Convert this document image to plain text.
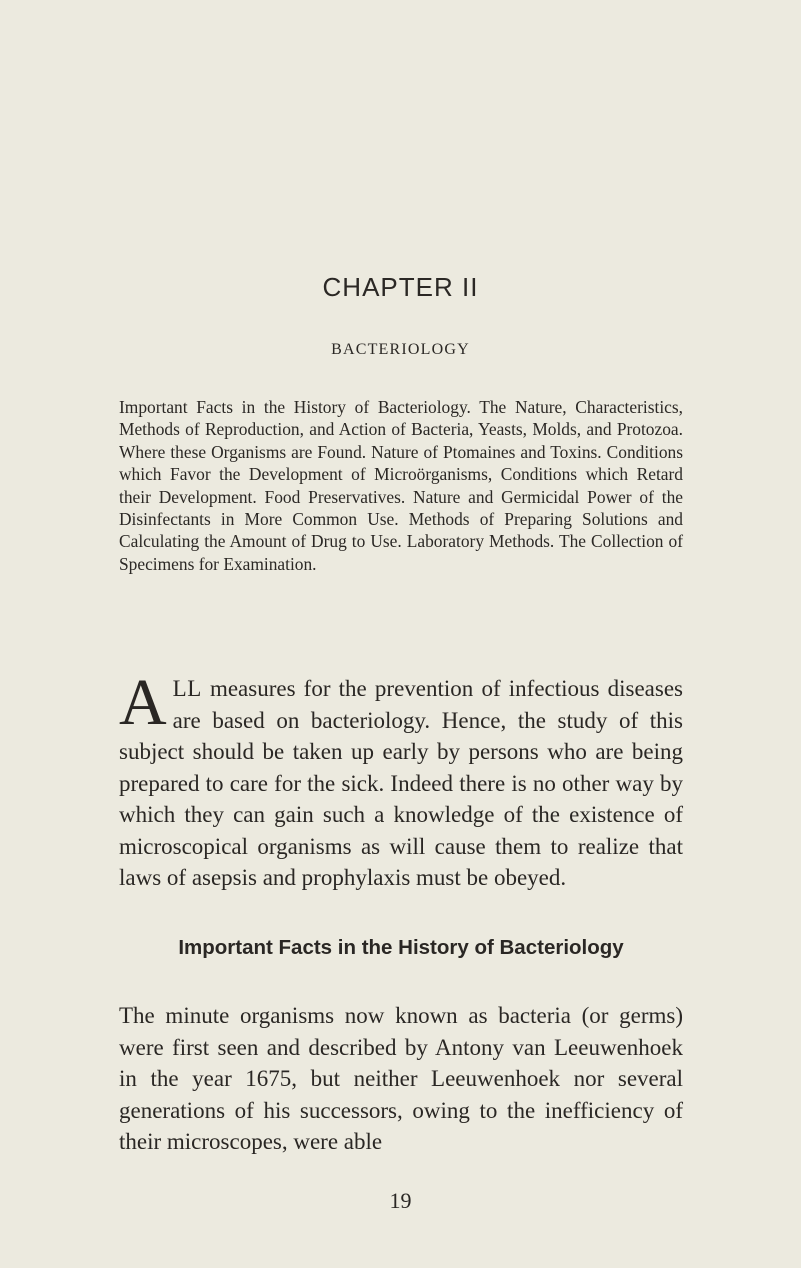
CHAPTER II
BACTERIOLOGY
Important Facts in the History of Bacteriology. The Nature, Characteristics, Methods of Reproduction, and Action of Bacteria, Yeasts, Molds, and Protozoa. Where these Organisms are Found. Nature of Ptomaines and Toxins. Conditions which Favor the Development of Microörganisms, Conditions which Retard their Development. Food Preservatives. Nature and Germicidal Power of the Disinfectants in More Common Use. Methods of Preparing Solutions and Calculating the Amount of Drug to Use. Laboratory Methods. The Collection of Specimens for Examination.
ALL measures for the prevention of infectious diseases are based on bacteriology. Hence, the study of this subject should be taken up early by persons who are being prepared to care for the sick. Indeed there is no other way by which they can gain such a knowledge of the existence of microscopical organisms as will cause them to realize that laws of asepsis and prophylaxis must be obeyed.
Important Facts in the History of Bacteriology
The minute organisms now known as bacteria (or germs) were first seen and described by Antony van Leeuwenhoek in the year 1675, but neither Leeuwenhoek nor several generations of his successors, owing to the inefficiency of their microscopes, were able
19
